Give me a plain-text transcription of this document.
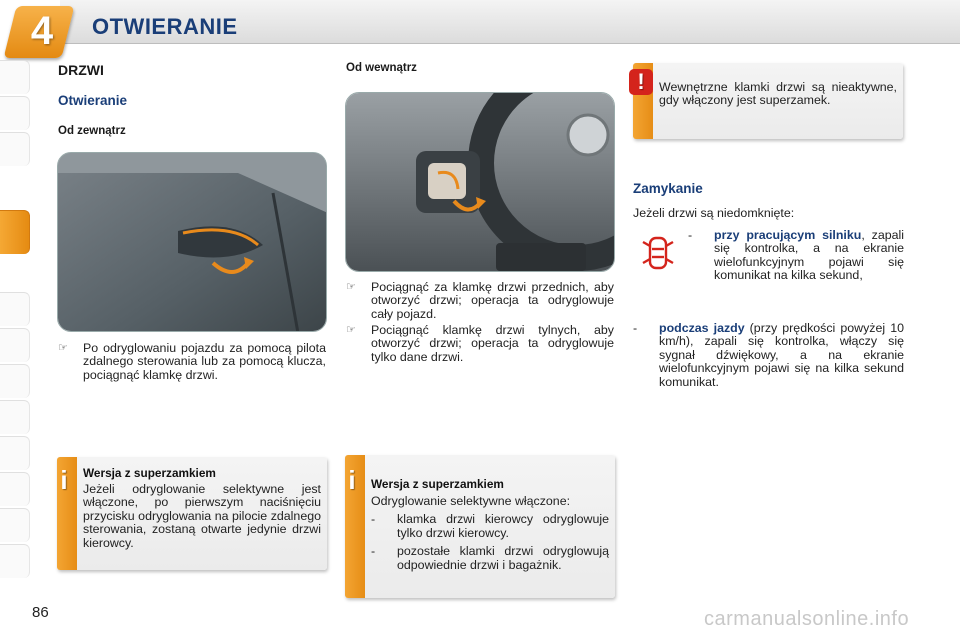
4	OTWIERANIE
DRZWI
Otwieranie
Od zewnątrz
☞ Po odryglowaniu pojazdu za pomocą pilota zdalnego sterowania lub za pomocą klucza, pociągnąć klamkę drzwi.
i	Wersja z superzamkiem
Jeżeli odryglowanie selektywne jest włączone, po pierwszym naciśnięciu przycisku odryglowania na pilocie zdalnego sterowania, zostaną otwarte jedynie drzwi kierowcy.
Od wewnątrz
☞ Pociągnąć za klamkę drzwi przednich, aby otworzyć drzwi; operacja ta odryglowuje cały pojazd.
☞ Pociągnąć klamkę drzwi tylnych, aby otworzyć drzwi; operacja ta odryglowuje tylko dane drzwi.
i	Wersja z superzamkiem
Odryglowanie selektywne włączone:
- klamka drzwi kierowcy odryglowuje tylko drzwi kierowcy.
- pozostałe klamki drzwi odryglowują odpowiednie drzwi i bagażnik.
!	Wewnętrzne klamki drzwi są nieaktywne, gdy włączony jest superzamek.
Zamykanie
Jeżeli drzwi są niedomknięte:
- przy pracującym silniku, zapali się kontrolka, a na ekranie wielofunkcyjnym pojawi się komunikat na kilka sekund,
- podczas jazdy (przy prędkości powyżej 10 km/h), zapali się kontrolka, włączy się sygnał dźwiękowy, a na ekranie wielofunkcyjnym pojawi się na kilka sekund komunikat.
86	carmanualsonline.info
